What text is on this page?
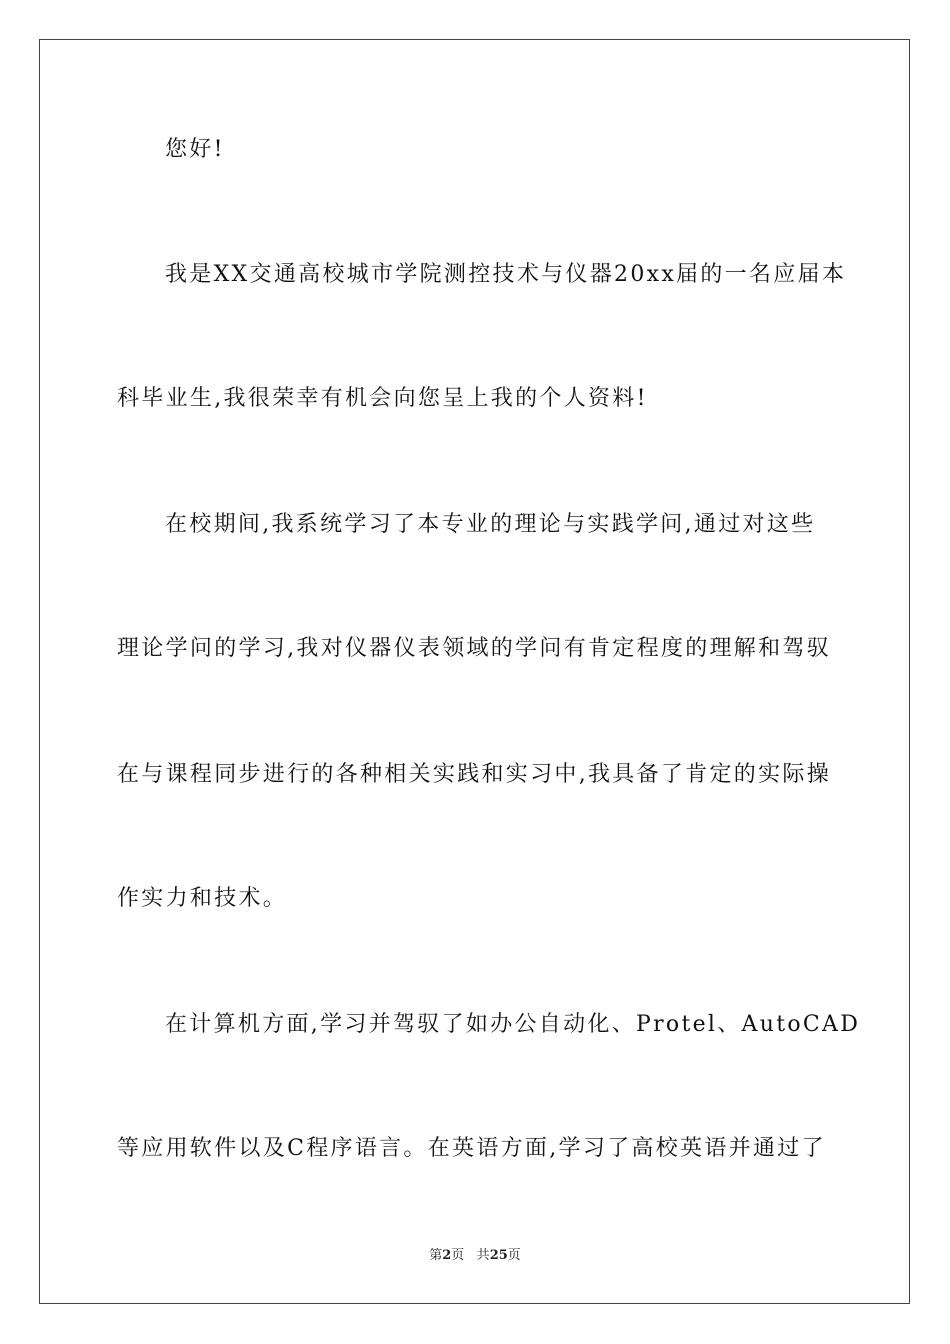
您好!
我是XX交通高校城市学院测控技术与仪器20xx届的一名应届本
科毕业生,我很荣幸有机会向您呈上我的个人资料!
在校期间,我系统学习了本专业的理论与实践学问,通过对这些
理论学问的学习,我对仪器仪表领域的学问有肯定程度的理解和驾驭
在与课程同步进行的各种相关实践和实习中,我具备了肯定的实际操
作实力和技术。
在计算机方面,学习并驾驭了如办公自动化、Protel、AutoCAD
等应用软件以及C程序语言。在英语方面,学习了高校英语并通过了
第2页 共25页
